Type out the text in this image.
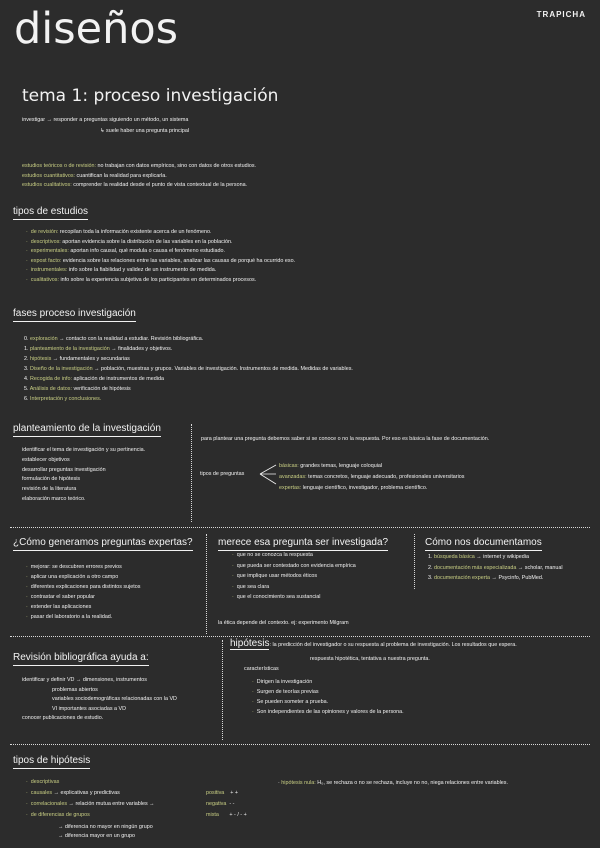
TRAPICHA
diseños
tema 1: proceso investigación
investigar → responder a preguntas siguiendo un método, un sistema
↳ suele haber una pregunta principal
estudios teóricos o de revisión: no trabajan con datos empíricos, sino con datos de otros estudios.
estudios cuantitativos: cuantifican la realidad para explicarla.
estudios cualitativos: comprender la realidad desde el punto de vista contextual de la persona.
tipos de estudios
· de revisión: recopilan toda la información existente acerca de un fenómeno.
· descriptivos: aportan evidencia sobre la distribución de las variables en la población.
· experimentales: aportan info causal, qué modula o causa el fenómeno estudiado.
· expost facto: evidencia sobre las relaciones entre las variables, analizar las causas de porqué ha ocurrido eso.
· instrumentales: info sobre la fiabilidad y validez de un instrumento de medida.
· cualitativos: info sobre la experiencia subjetiva de los participantes en determinados procesos.
fases proceso investigación
0. exploración → contacto con la realidad a estudiar. Revisión bibliográfica.
1. planteamiento de la investigación → finalidades y objetivos.
2. hipótesis → fundamentales y secundarias
3. Diseño de la investigación → población, muestras y grupos. Variables de investigación. Instrumentos de medida. Medidas de variables.
4. Recogida de info: aplicación de instrumentos de medida
5. Análisis de datos: verificación de hipótesis
6. Interpretación y conclusiones.
planteamiento de la investigación
identificar el tema de investigación y su pertinencia.
establecer objetivos
desarrollar preguntas investigación
formulación de hipótesis
revisión de la literatura
elaboración marco teórico.
para plantear una pregunta debemos saber si se conoce o no la respuesta. Por eso es básica la fase de documentación.
tipos de preguntas
básicas: grandes temas, lenguaje coloquial
avanzadas: temas concretos, lenguaje adecuado, profesionales universitarios
expertas: lenguaje científico, investigador, problema científico.
¿Cómo generamos preguntas expertas?
· mejorar: se descubren errores previos
· aplicar una explicación a otro campo
· diferentes explicaciones para distintos sujetos
· contrastar el saber popular
· extender las aplicaciones
· pasar del laboratorio a la realidad.
merece esa pregunta ser investigada?
· que no se conozca la respuesta
· que pueda ser contestado con evidencia empírica
· que implique usar métodos éticos
· que sea clara
· que el conocimiento sea sustancial
la ética depende del contexto. ej: experimento Milgram
Cómo nos documentamos
1. búsqueda básica → internet y wikipedia
2. documentación más especializada → scholar, manual
3. documentación experta → Psycinfo, PubMed.
Revisión bibliográfica ayuda a:
identificar y definir VD → dimensiones, instrumentos
problemas abiertos
variables sociodemográficas relacionadas con la VD
VI importantes asociadas a VD
conocer publicaciones de estudio.
hipótesis: la predicción del investigador o su respuesta al problema de investigación. Los resultados que espera.
respuesta hipotética, tentativa a nuestra pregunta.
características
· Dirigen la investigación
· Surgen de teorías previas
· Se pueden someter a prueba.
· Son independientes de las opiniones y valores de la persona.
tipos de hipótesis
· descriptivas
· causales → explicativas y predictivas
· correlacionales → relación mutua entre variables →
· de diferencias de grupos
positiva + +
negativa - -
mixta + - / - +
→ diferencia no mayor en ningún grupo
→ diferencia mayor en un grupo
· hipótesis nula: H₀, se rechaza o no se rechaza, incluye no no, niega relaciones entre variables.
